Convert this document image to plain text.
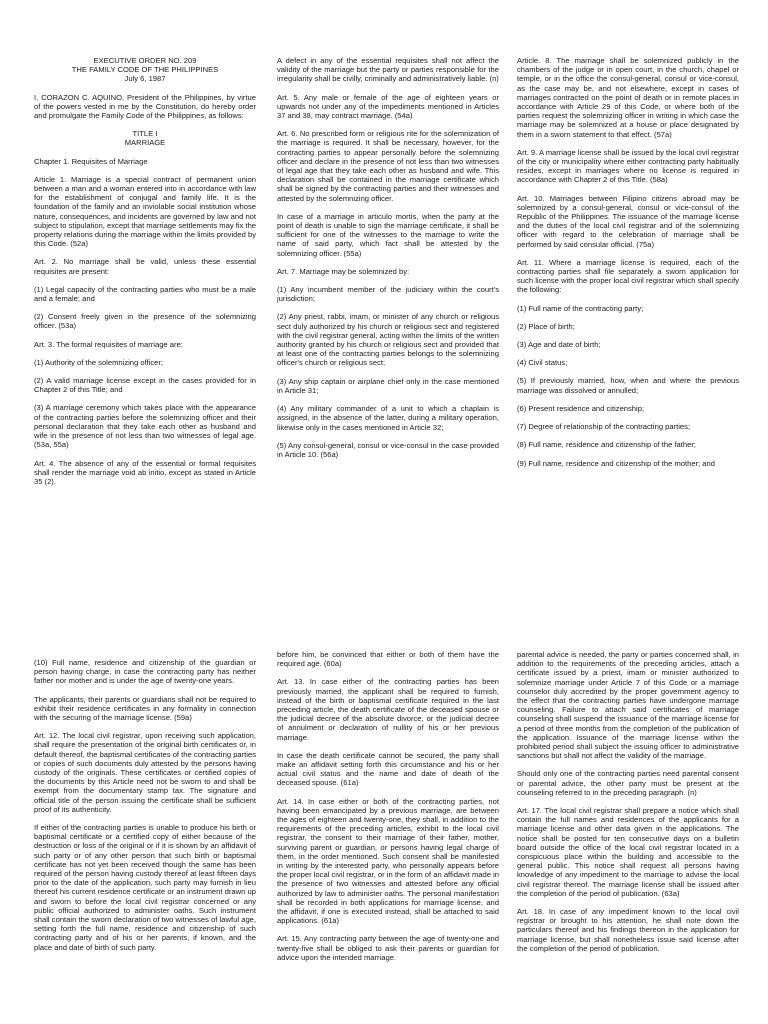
EXECUTIVE ORDER NO. 209
THE FAMILY CODE OF THE PHILIPPINES
July 6, 1987

I, CORAZON C. AQUINO, President of the Philippines, by virtue of the powers vested in me by the Constitution, do hereby order and promulgate the Family Code of the Philippines, as follows:

TITLE I
MARRIAGE

Chapter 1. Requisites of Marriage

Article 1. Marriage is a special contract of permanent union between a man and a woman entered into in accordance with law for the establishment of conjugal and family life. It is the foundation of the family and an inviolable social institution whose nature, consequences, and incidents are governed by law and not subject to stipulation, except that marriage settlements may fix the property relations during the marriage within the limits provided by this Code. (52a)

Art. 2. No marriage shall be valid, unless these essential requisites are present:

(1) Legal capacity of the contracting parties who must be a male and a female; and

(2) Consent freely given in the presence of the solemnizing officer. (53a)

Art. 3. The formal requisites of marriage are:

(1) Authority of the solemnizing officer;

(2) A valid marriage license except in the cases provided for in Chapter 2 of this Title; and

(3) A marriage ceremony which takes place with the appearance of the contracting parties before the solemnizing officer and their personal declaration that they take each other as husband and wife in the presence of not less than two witnesses of legal age. (53a, 55a)

Art. 4. The absence of any of the essential or formal requisites shall render the marriage void ab initio, except as stated in Article 35 (2).

A defect in any of the essential requisites shall not affect the validity of the marriage but the party or parties responsible for the irregularity shall be civilly, criminally and administratively liable. (n)

Art. 5. Any male or female of the age of eighteen years or upwards not under any of the impediments mentioned in Articles 37 and 38, may contract marriage. (54a)

Art. 6. No prescribed form or religious rite for the solemnization of the marriage is required. It shall be necessary, however, for the contracting parties to appear personally before the solemnizing officer and declare in the presence of not less than two witnesses of legal age that they take each other as husband and wife. This declaration shall be contained in the marriage certificate which shall be signed by the contracting parties and their witnesses and attested by the solemnizing officer.

In case of a marriage in articulo mortis, when the party at the point of death is unable to sign the marriage certificate, it shall be sufficient for one of the witnesses to the marriage to write the name of said party, which fact shall be attested by the solemnizing officer. (55a)

Art. 7. Marriage may be solemnized by:

(1) Any incumbent member of the judiciary within the court's jurisdiction;

(2) Any priest, rabbi, imam, or minister of any church or religious sect duly authorized by his church or religious sect and registered with the civil registrar general, acting within the limits of the written authority granted by his church or religious sect and provided that at least one of the contracting parties belongs to the solemnizing officer's church or religious sect;

(3) Any ship captain or airplane chief only in the case mentioned in Article 31;

(4) Any military commander of a unit to which a chaplain is assigned, in the absence of the latter, during a military operation, likewise only in the cases mentioned in Article 32;

(5) Any consul-general, consul or vice-consul in the case provided in Article 10. (56a)

Article. 8. The marriage shall be solemnized publicly in the chambers of the judge or in open court, in the church, chapel or temple, or in the office the consul-general, consul or vice-consul, as the case may be, and not elsewhere, except in cases of marriages contracted on the point of death or in remote places in accordance with Article 29 of this Code, or where both of the parties request the solemnizing officer in writing in which case the marriage may be solemnized at a house or place designated by them in a sworn statement to that effect. (57a)

Art. 9. A marriage license shall be issued by the local civil registrar of the city or municipality where either contracting party habitually resides, except in marriages where no license is required in accordance with Chapter 2 of this Title. (58a)

Art. 10. Marriages between Filipino citizens abroad may be solemnized by a consul-general, consul or vice-consul of the Republic of the Philippines. The issuance of the marriage license and the duties of the local civil registrar and of the solemnizing officer with regard to the celebration of marriage shall be performed by said consular official. (75a)

Art. 11. Where a marriage license is required, each of the contracting parties shall file separately a sworn application for such license with the proper local civil registrar which shall specify the following:

(1) Full name of the contracting party;

(2) Place of birth;

(3) Age and date of birth;

(4) Civil status;

(5) If previously married, how, when and where the previous marriage was dissolved or annulled;

(6) Present residence and citizenship;

(7) Degree of relationship of the contracting parties;

(8) Full name, residence and citizenship of the father;

(9) Full name, residence and citizenship of the mother; and

(10) Full name, residence and citizenship of the guardian or person having charge, in case the contracting party has neither father nor mother and is under the age of twenty-one years.

The applicants, their parents or guardians shall not be required to exhibit their residence certificates in any formality in connection with the securing of the marriage license. (59a)

Art. 12. The local civil registrar, upon receiving such application, shall require the presentation of the original birth certificates or, in default thereof, the baptismal certificates of the contracting parties or copies of such documents duly attested by the persons having custody of the originals. These certificates or certified copies of the documents by this Article need not be sworn to and shall be exempt from the documentary stamp tax. The signature and official title of the person issuing the certificate shall be sufficient proof of its authenticity.

If either of the contracting parties is unable to produce his birth or baptismal certificate or a certified copy of either because of the destruction or loss of the original or if it is shown by an affidavit of such party or of any other person that such birth or baptismal certificate has not yet been received though the same has been required of the person having custody thereof at least fifteen days prior to the date of the application, such party may furnish in lieu thereof his current residence certificate or an instrument drawn up and sworn to before the local civil registrar concerned or any public official authorized to administer oaths. Such instrument shall contain the sworn declaration of two witnesses of lawful age, setting forth the full name, residence and citizenship of such contracting party and of his or her parents, if known, and the place and date of birth of such party.

before him, be convinced that either or both of them have the required age. (60a)

Art. 13. In case either of the contracting parties has been previously married, the applicant shall be required to furnish, instead of the birth or baptismal certificate required in the last preceding article, the death certificate of the deceased spouse or the judicial decree of the absolute divorce, or the judicial decree of annulment or declaration of nullity of his or her previous marriage.

In case the death certificate cannot be secured, the party shall make an affidavit setting forth this circumstance and his or her actual civil status and the name and date of death of the deceased spouse. (61a)

Art. 14. In case either or both of the contracting parties, not having been emancipated by a previous marriage, are between the ages of eighteen and twenty-one, they shall, in addition to the requirements of the preceding articles, exhibit to the local civil registrar, the consent to their marriage of their father, mother, surviving parent or guardian, or persons having legal charge of them, in the order mentioned. Such consent shall be manifested in writing by the interested party, who personally appears before the proper local civil registrar, or in the form of an affidavit made in the presence of two witnesses and attested before any official authorized by law to administer oaths. The personal manifestation shall be recorded in both applications for marriage license, and the affidavit, if one is executed instead, shall be attached to said applications. (61a)

Art. 15. Any contracting party between the age of twenty-one and twenty-five shall be obliged to ask their parents or guardian for advice upon the intended marriage.

parental advice is needed, the party or parties concerned shall, in addition to the requirements of the preceding articles, attach a certificate issued by a priest, imam or minister authorized to solemnize marriage under Article 7 of this Code or a marriage counselor duly accredited by the proper government agency to the effect that the contracting parties have undergone marriage counseling. Failure to attach said certificates of marriage counseling shall suspend the issuance of the marriage license for a period of three months from the completion of the publication of the application. Issuance of the marriage license within the prohibited period shall subject the issuing officer to administrative sanctions but shall not affect the validity of the marriage.

Should only one of the contracting parties need parental consent or parental advice, the other party must be present at the counseling referred to in the preceding paragraph. (n)

Art. 17. The local civil registrar shall prepare a notice which shall contain the full names and residences of the applicants for a marriage license and other data given in the applications. The notice shall be posted for ten consecutive days on a bulletin board outside the office of the local civil registrar located in a conspicuous place within the building and accessible to the general public. This notice shall request all persons having knowledge of any impediment to the marriage to advise the local civil registrar thereof. The marriage license shall be issued after the completion of the period of publication. (63a)

Art. 18. In case of any impediment known to the local civil registrar or brought to his attention, he shall note down the particulars thereof and his findings thereon in the application for marriage license, but shall nonetheless issue said license after the completion of the period of publication.
